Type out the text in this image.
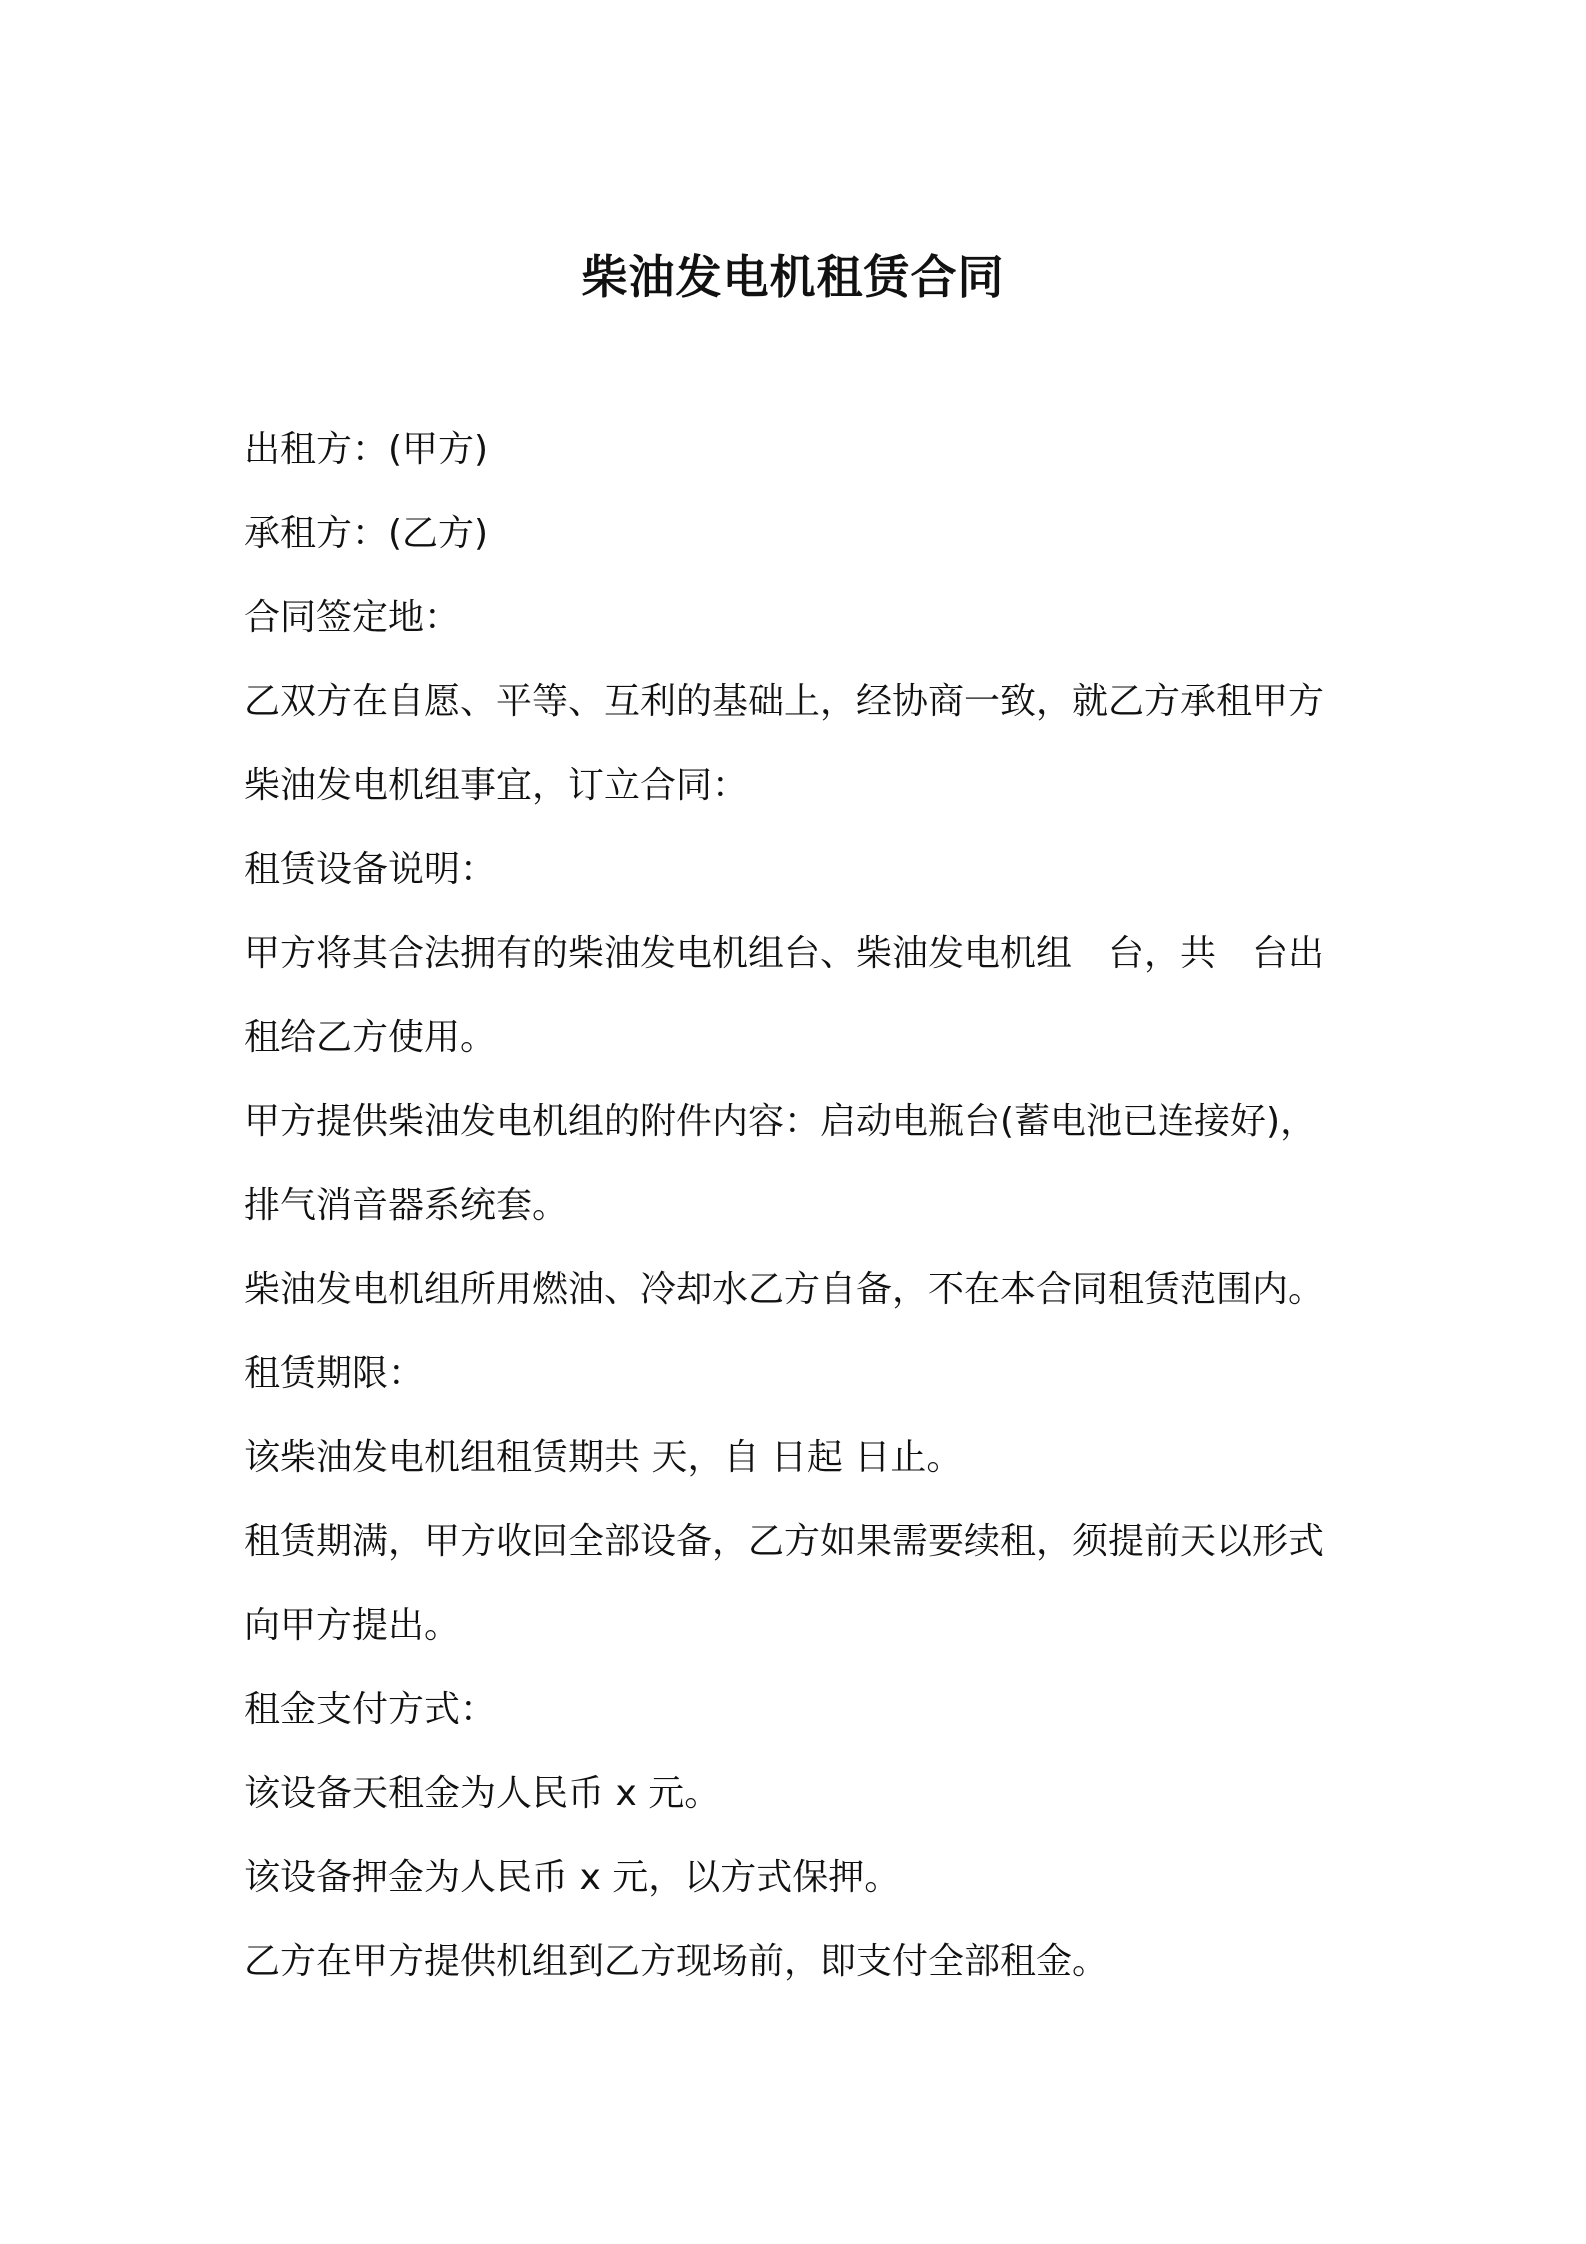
柴油发电机租赁合同
出租方：(甲方)
承租方：(乙方)
合同签定地：
乙双方在自愿、平等、互利的基础上，经协商一致，就乙方承租甲方
柴油发电机组事宜，订立合同：
租赁设备说明：
甲方将其合法拥有的柴油发电机组台、柴油发电机组　台，共　台出
租给乙方使用。
甲方提供柴油发电机组的附件内容：启动电瓶台(蓄电池已连接好)，
排气消音器系统套。
柴油发电机组所用燃油、冷却水乙方自备，不在本合同租赁范围内。
租赁期限：
该柴油发电机组租赁期共 天，自 日起 日止。
租赁期满，甲方收回全部设备，乙方如果需要续租，须提前天以形式
向甲方提出。
租金支付方式：
该设备天租金为人民币 x 元。
该设备押金为人民币 x 元，以方式保押。
乙方在甲方提供机组到乙方现场前，即支付全部租金。
